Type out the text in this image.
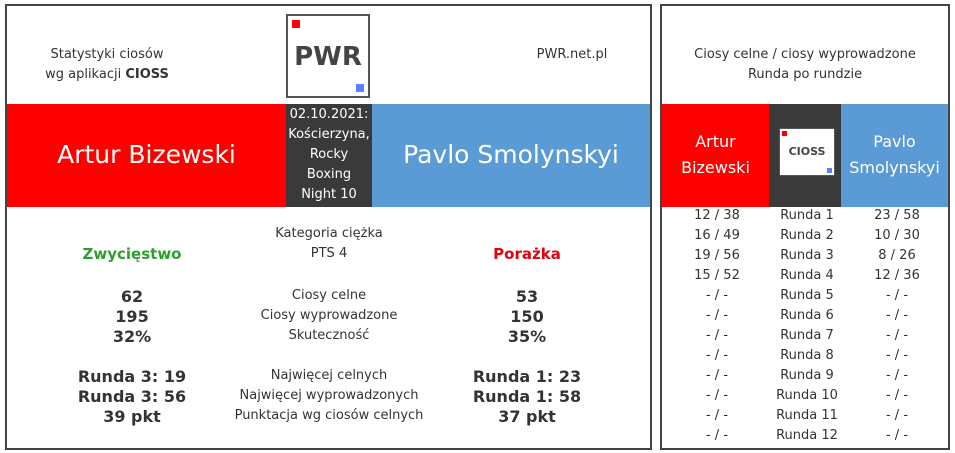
Statystyki ciosów
wg aplikacji CIOSS
PWR	PWR.net.pl
Artur Bizewski
02.10.2021:
Kościerzyna,
Rocky
Boxing
Night 10
Pavlo Smolynskyi
Kategoria ciężka
PTS 4
Zwycięstwo	Porażka
62	Ciosy celne	53
195	Ciosy wyprowadzone	150
32%	Skuteczność	35%
Runda 3: 19	Najwięcej celnych	Runda 1: 23
Runda 3: 56	Najwięcej wyprowadzonych	Runda 1: 58
39 pkt	Punktacja wg ciosów celnych	37 pkt
Ciosy celne / ciosy wyprowadzone
Runda po rundzie
Artur
Bizewski
CIOSS
Pavlo
Smolynskyi
12 / 38	Runda 1	23 / 58
16 / 49	Runda 2	10 / 30
19 / 56	Runda 3	8 / 26
15 / 52	Runda 4	12 / 36
- / -	Runda 5	- / -
- / -	Runda 6	- / -
- / -	Runda 7	- / -
- / -	Runda 8	- / -
- / -	Runda 9	- / -
- / -	Runda 10	- / -
- / -	Runda 11	- / -
- / -	Runda 12	- / -
